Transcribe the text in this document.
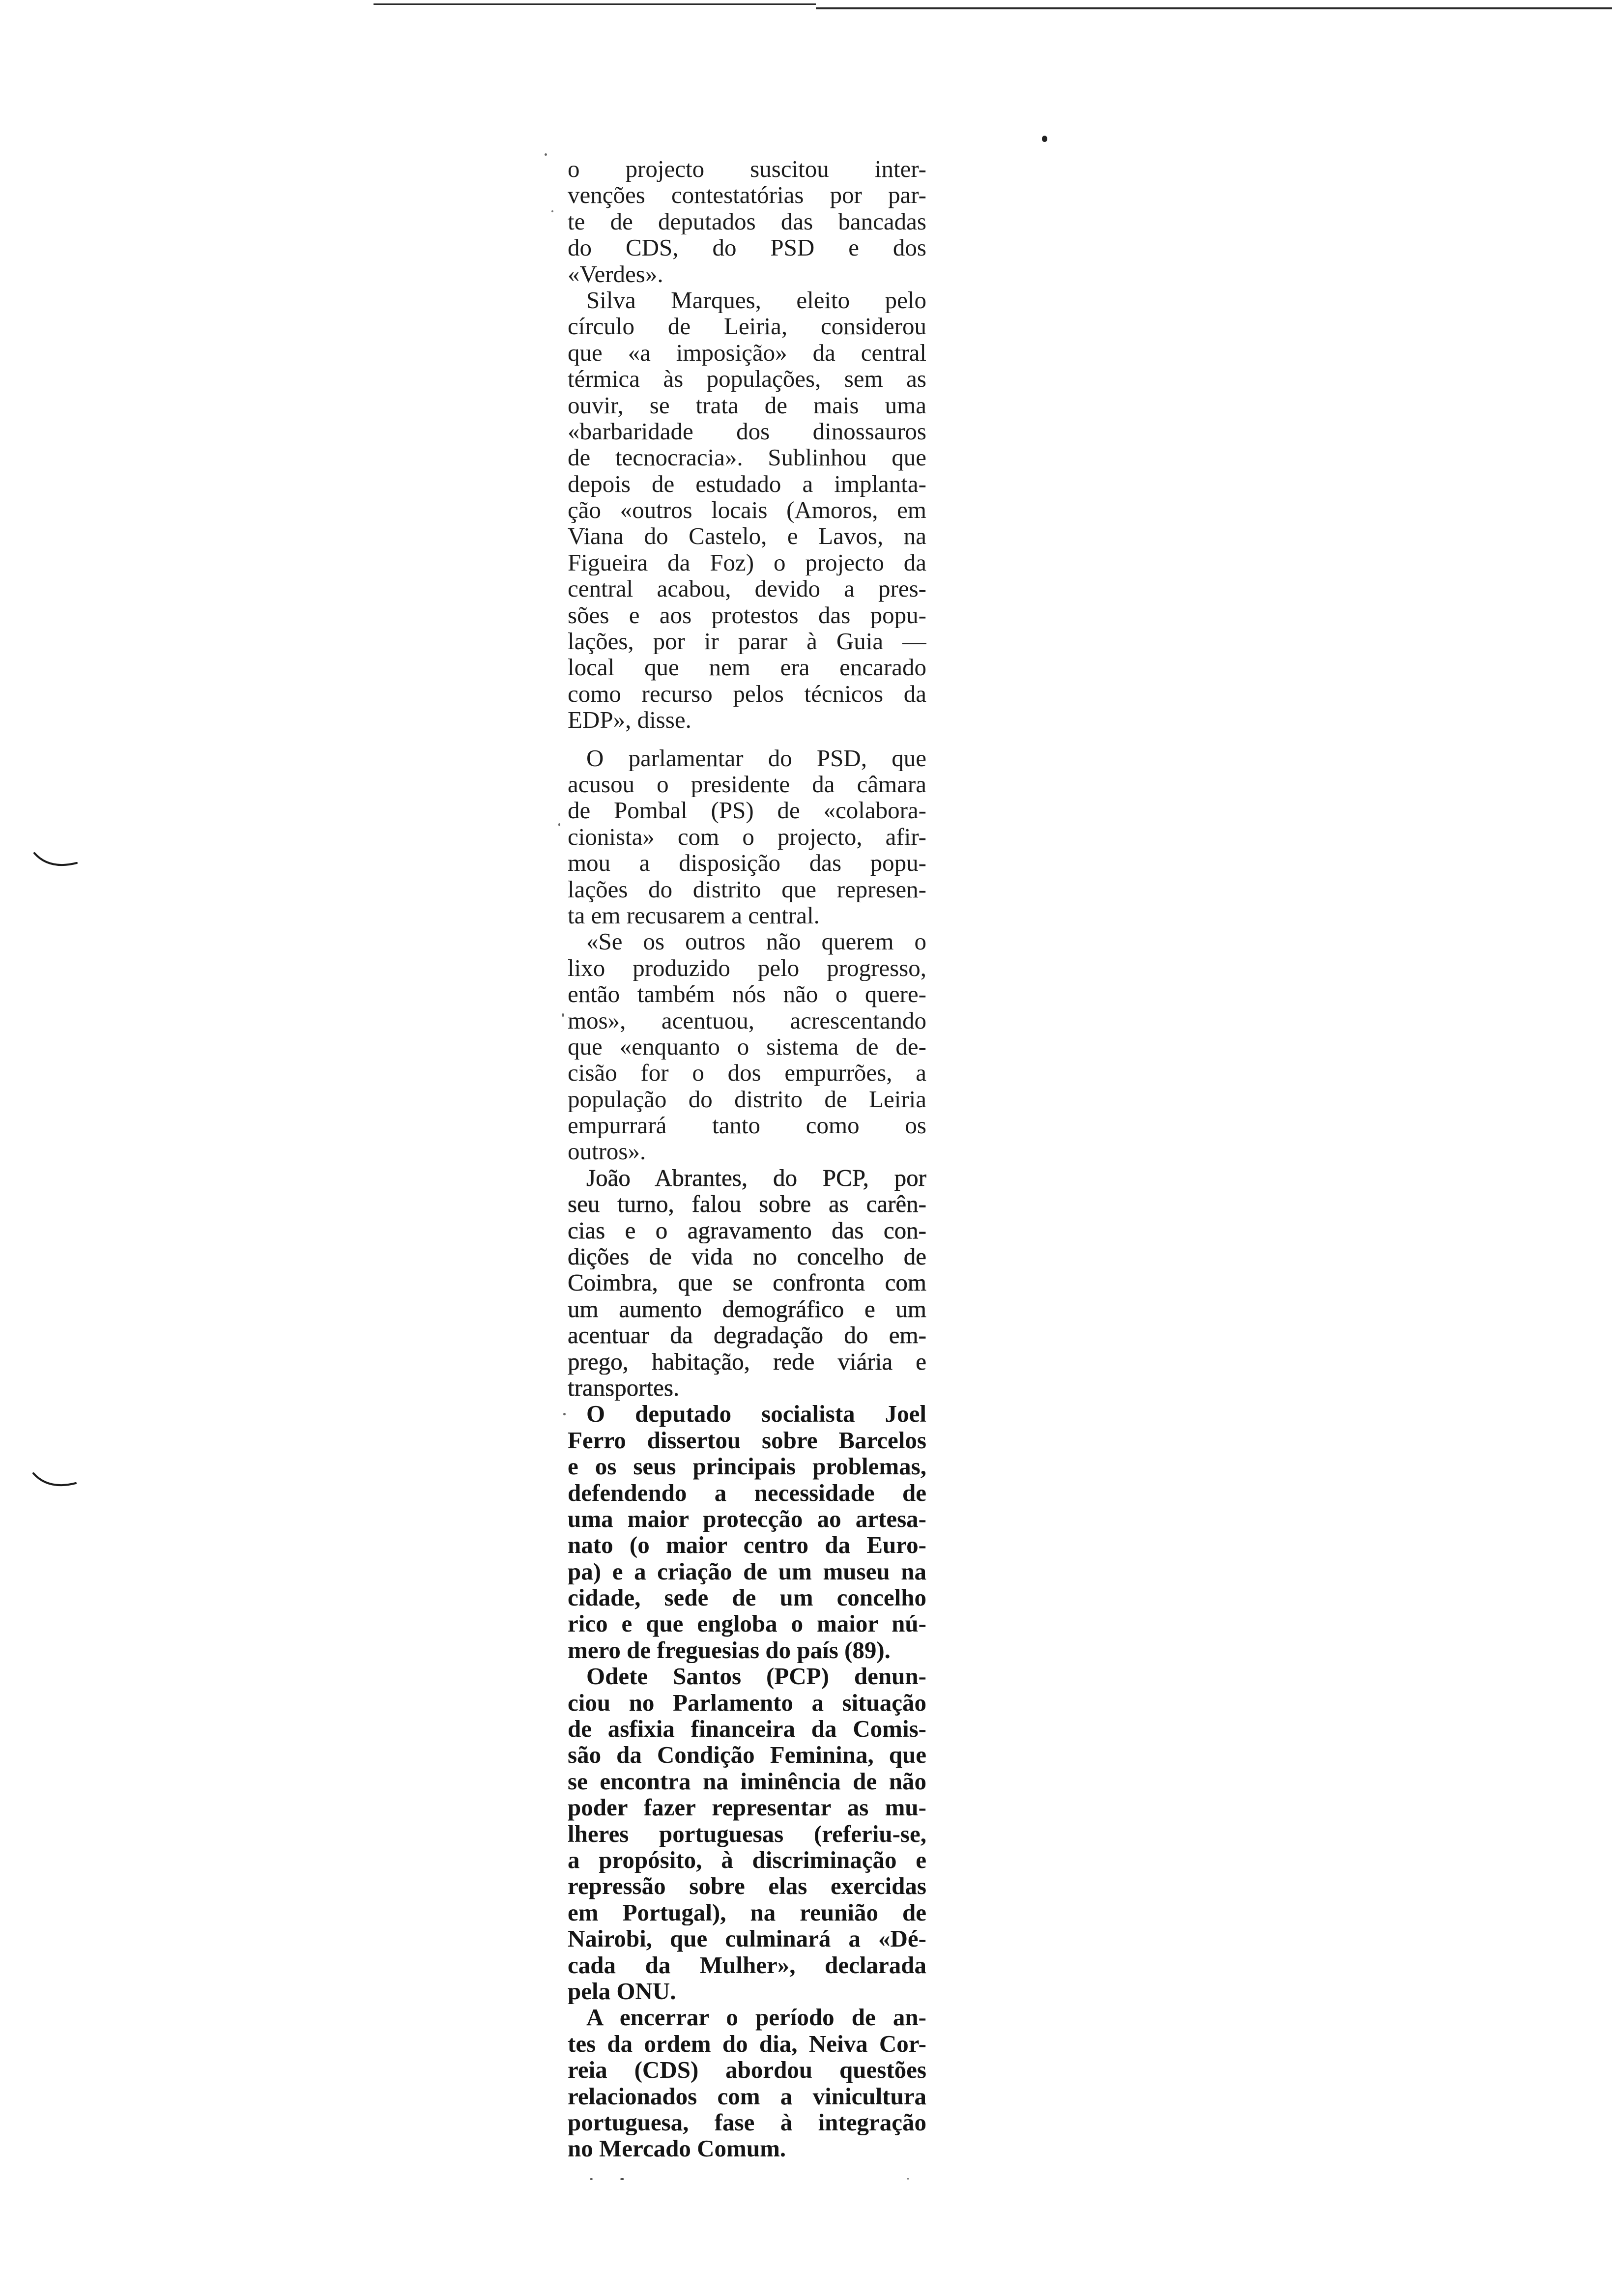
o projecto suscitou inter-
venções contestatórias por par-
te de deputados das bancadas
do CDS, do PSD e dos
«Verdes».
Silva Marques, eleito pelo
círculo de Leiria, considerou
que «a imposição» da central
térmica às populações, sem as
ouvir, se trata de mais uma
«barbaridade dos dinossauros
de tecnocracia». Sublinhou que
depois de estudado a implanta-
ção «outros locais (Amoros, em
Viana do Castelo, e Lavos, na
Figueira da Foz) o projecto da
central acabou, devido a pres-
sões e aos protestos das popu-
lações, por ir parar à Guia —
local que nem era encarado
como recurso pelos técnicos da
EDP», disse.
O parlamentar do PSD, que
acusou o presidente da câmara
de Pombal (PS) de «colabora-
cionista» com o projecto, afir-
mou a disposição das popu-
lações do distrito que represen-
ta em recusarem a central.
«Se os outros não querem o
lixo produzido pelo progresso,
então também nós não o quere-
mos», acentuou, acrescentando
que «enquanto o sistema de de-
cisão for o dos empurrões, a
população do distrito de Leiria
empurrará tanto como os
outros».
João Abrantes, do PCP, por
seu turno, falou sobre as carên-
cias e o agravamento das con-
dições de vida no concelho de
Coimbra, que se confronta com
um aumento demográfico e um
acentuar da degradação do em-
prego, habitação, rede viária e
transportes.
O deputado socialista Joel
Ferro dissertou sobre Barcelos
e os seus principais problemas,
defendendo a necessidade de
uma maior protecção ao artesa-
nato (o maior centro da Euro-
pa) e a criação de um museu na
cidade, sede de um concelho
rico e que engloba o maior nú-
mero de freguesias do país (89).
Odete Santos (PCP) denun-
ciou no Parlamento a situação
de asfixia financeira da Comis-
são da Condição Feminina, que
se encontra na iminência de não
poder fazer representar as mu-
lheres portuguesas (referiu-se,
a propósito, à discriminação e
repressão sobre elas exercidas
em Portugal), na reunião de
Nairobi, que culminará a «Dé-
cada da Mulher», declarada
pela ONU.
A encerrar o período de an-
tes da ordem do dia, Neiva Cor-
reia (CDS) abordou questões
relacionados com a vinicultura
portuguesa, fase à integração
no Mercado Comum.
